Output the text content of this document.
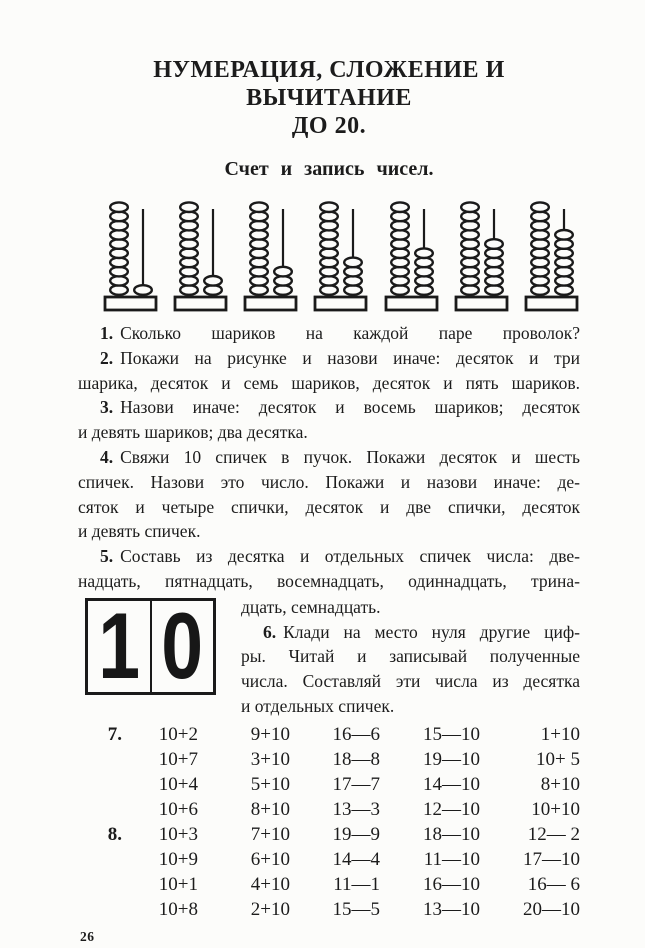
НУМЕРАЦИЯ, СЛОЖЕНИЕ И ВЫЧИТАНИЕ
ДО 20.
Счет и запись чисел.
1. Сколько шариков на каждой паре проволок?
2. Покажи на рисунке и назови иначе: десяток и три
шарика, десяток и семь шариков, десяток и пять шариков.
3. Назови иначе: десяток и восемь шариков; десяток
и девять шариков; два десятка.
4. Свяжи 10 спичек в пучок. Покажи десяток и шесть
спичек. Назови это число. Покажи и назови иначе: де-
сяток и четыре спички, десяток и две спички, десяток
и девять спичек.
5. Составь из десятка и отдельных спичек числа: две-
надцать, пятнадцать, восемнадцать, одиннадцать, трина-
1 0 дцать, семнадцать.
6. Клади на место нуля другие циф-
ры. Читай и записывай полученные
числа. Составляй эти числа из десятка
и отдельных спичек.
7.	10+2	9+10	16—6	15—10	1+10
10+7	3+10	18—8	19—10	10+ 5
10+4	5+10	17—7	14—10	8+10
10+6	8+10	13—3	12—10	10+10
8.	10+3	7+10	19—9	18—10	12— 2
10+9	6+10	14—4	11—10	17—10
10+1	4+10	11—1	16—10	16— 6
10+8	2+10	15—5	13—10	20—10
26
